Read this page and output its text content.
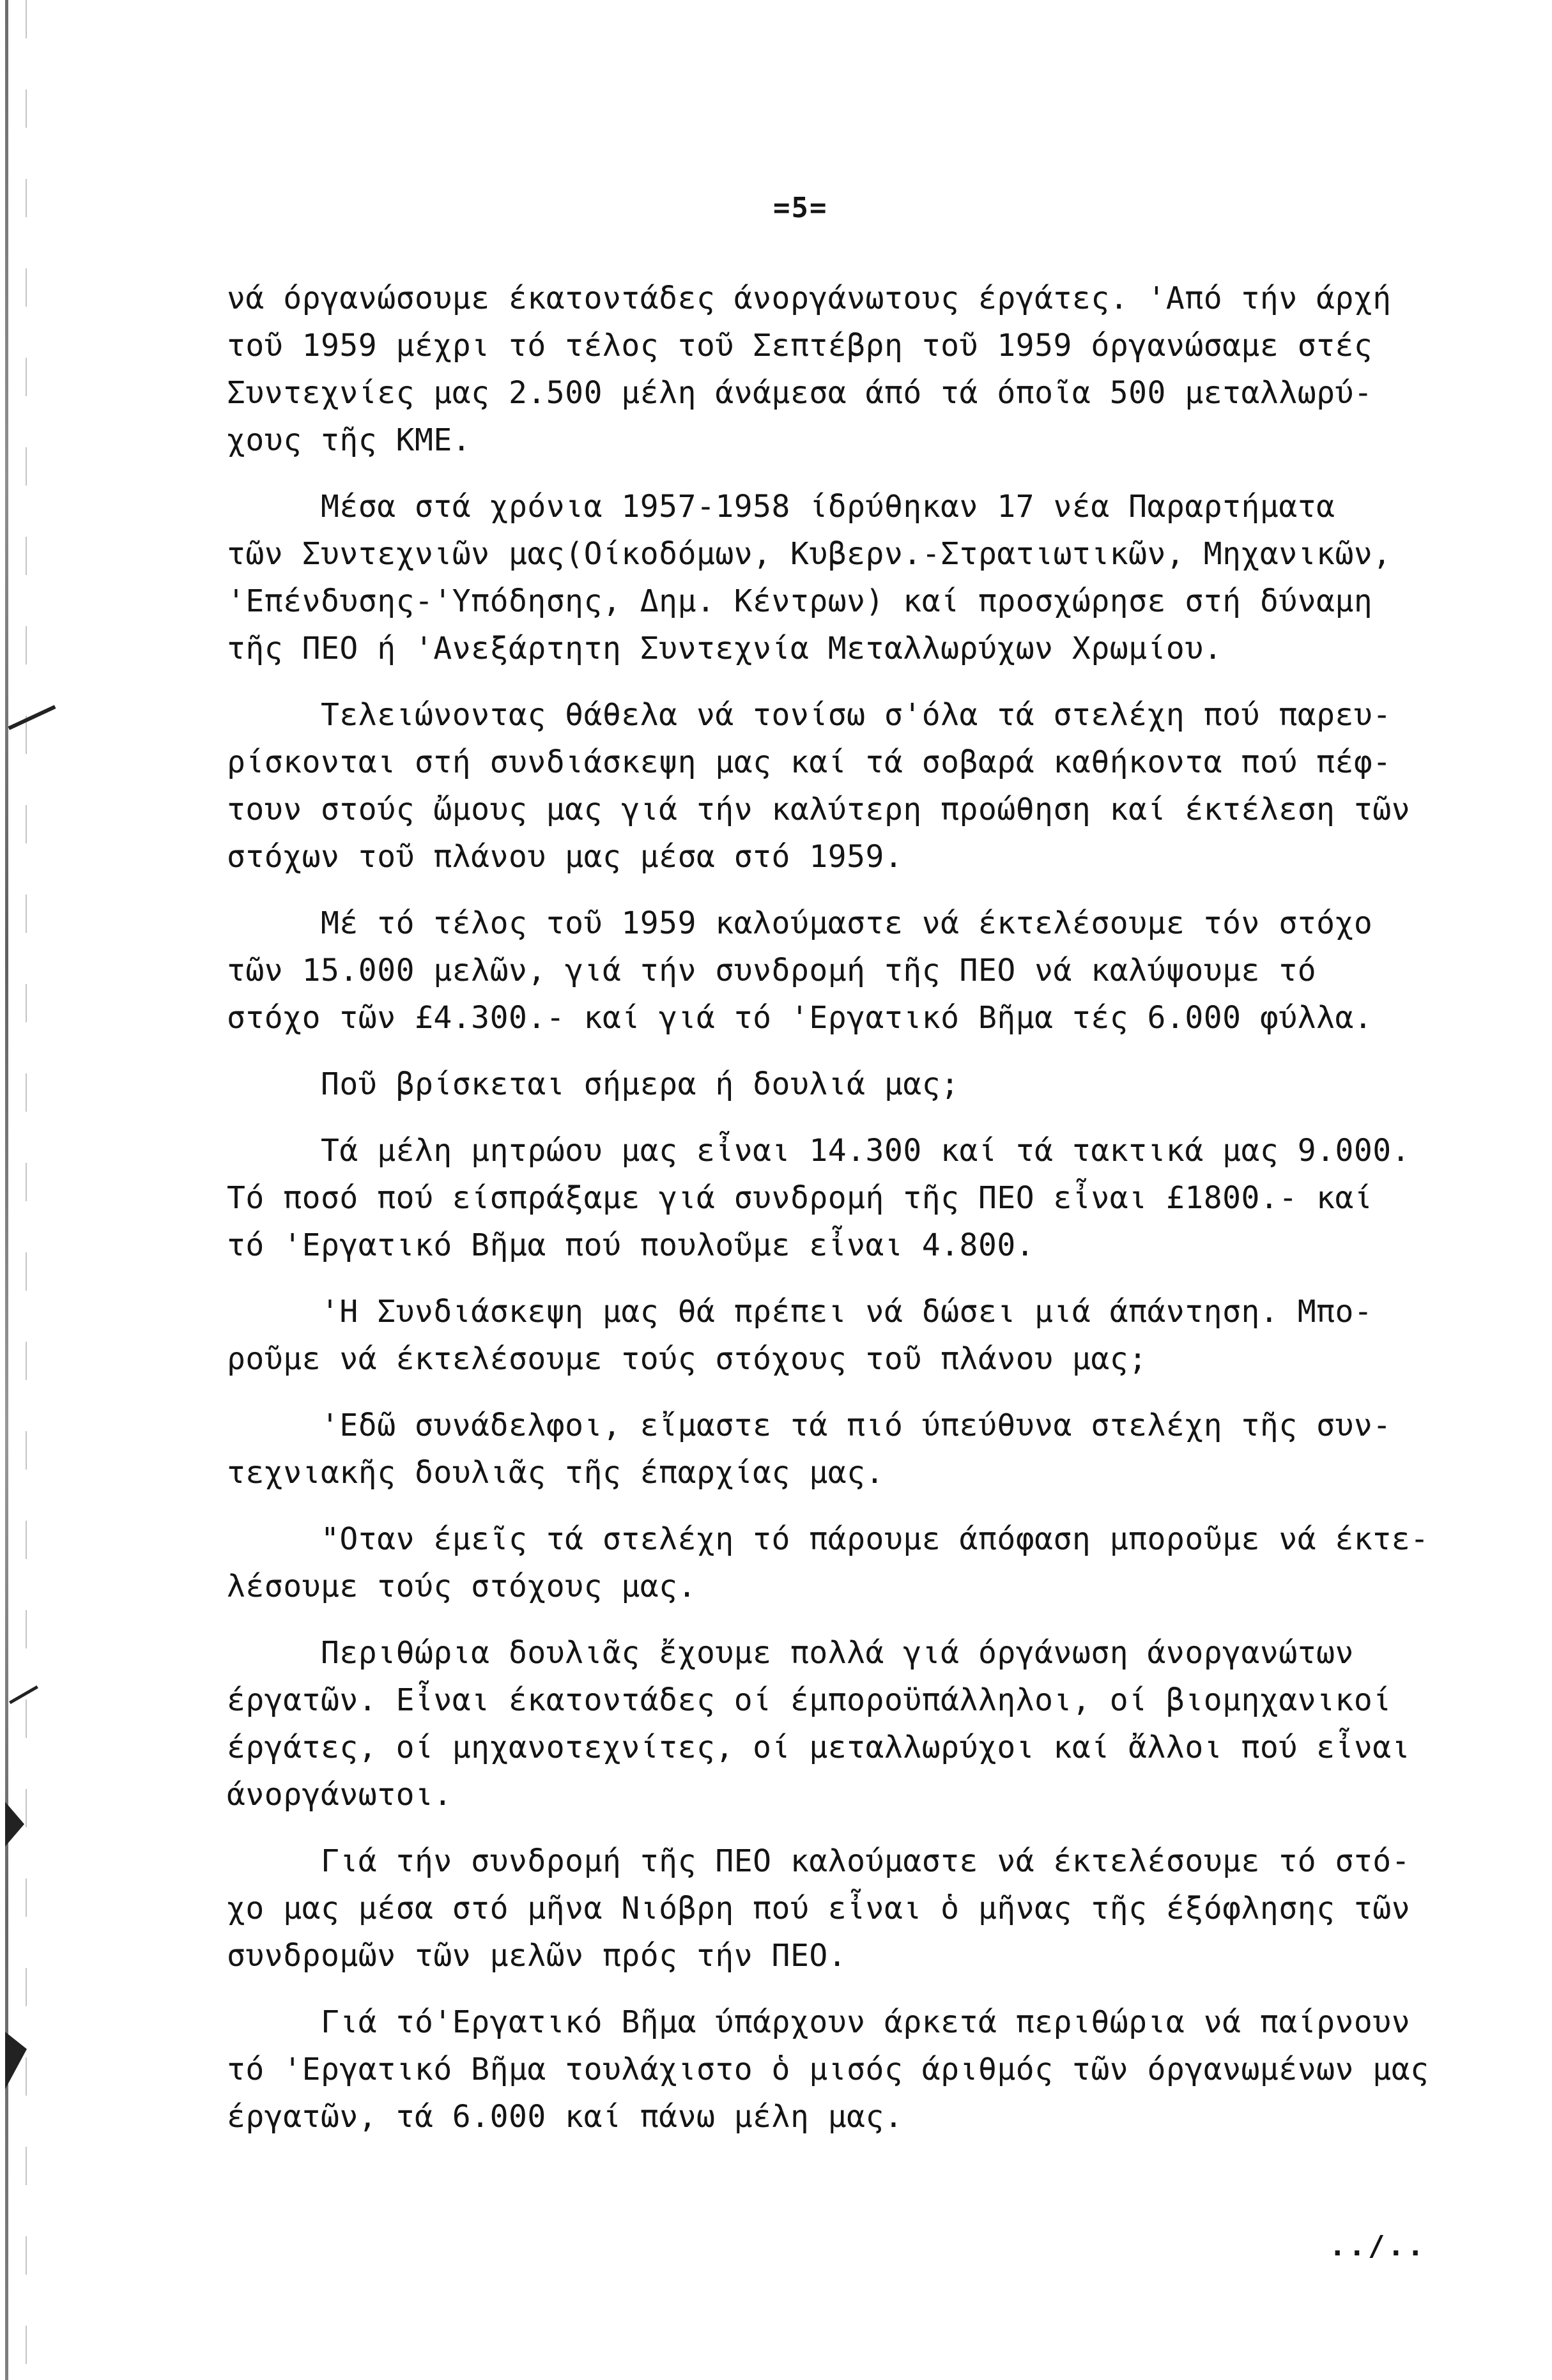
=5=

νά όργανώσουμε έκατοντάδες άνοργάνωτους έργάτες. 'Από τήν άρχή

τοῦ 1959 μέχρι τό τέλος τοῦ Σεπτέβρη τοῦ 1959 όργανώσαμε στές

Συντεχνίες μας 2.500 μέλη άνάμεσα άπό τά όποῖα 500 μεταλλωρύ-

χους τῆς ΚΜΕ.

Μέσα στά χρόνια 1957-1958 ίδρύθηκαν 17 νέα Παραρτήματα

τῶν Συντεχνιῶν μας(Οίκοδόμων, Κυβερν.-Στρατιωτικῶν, Μηχανικῶν,

'Επένδυσης-'Υπόδησης, Δημ. Κέντρων) καί προσχώρησε στή δύναμη

τῆς ΠΕΟ ή 'Ανεξάρτητη Συντεχνία Μεταλλωρύχων Χρωμίου.

Τελειώνοντας θάθελα νά τονίσω σ'όλα τά στελέχη πού παρευ-

ρίσκονται στή συνδιάσκεψη μας καί τά σοβαρά καθήκοντα πού πέφ-

τουν στούς ὤμους μας γιά τήν καλύτερη προώθηση καί έκτέλεση τῶν

στόχων τοῦ πλάνου μας μέσα στό 1959.

Μέ τό τέλος τοῦ 1959 καλούμαστε νά έκτελέσουμε τόν στόχο

τῶν 15.000 μελῶν, γιά τήν συνδρομή τῆς ΠΕΟ νά καλύψουμε τό

στόχο τῶν £4.300.- καί γιά τό 'Εργατικό Βῆμα τές 6.000 φύλλα.

Ποῦ βρίσκεται σήμερα ή δουλιά μας;

Τά μέλη μητρώου μας εἶναι 14.300 καί τά τακτικά μας 9.000.

Τό ποσό πού είσπράξαμε γιά συνδρομή τῆς ΠΕΟ εἶναι £1800.- καί

τό 'Εργατικό Βῆμα πού πουλοῦμε εἶναι 4.800.

'Η Συνδιάσκεψη μας θά πρέπει νά δώσει μιά άπάντηση. Μπο-

ροῦμε νά έκτελέσουμε τούς στόχους τοῦ πλάνου μας;

'Εδῶ συνάδελφοι, εἴμαστε τά πιό ύπεύθυνα στελέχη τῆς συν-

τεχνιακῆς δουλιᾶς τῆς έπαρχίας μας.

"Οταν έμεῖς τά στελέχη τό πάρουμε άπόφαση μποροῦμε νά έκτε-

λέσουμε τούς στόχους μας.

Περιθώρια δουλιᾶς ἔχουμε πολλά γιά όργάνωση άνοργανώτων

έργατῶν. Εἶναι έκατοντάδες οί έμποροϋπάλληλοι, οί βιομηχανικοί

έργάτες, οί μηχανοτεχνίτες, οί μεταλλωρύχοι καί ἄλλοι πού εἶναι

άνοργάνωτοι.

Γιά τήν συνδρομή τῆς ΠΕΟ καλούμαστε νά έκτελέσουμε τό στό-

χο μας μέσα στό μῆνα Νιόβρη πού εἶναι ὁ μῆνας τῆς έξόφλησης τῶν

συνδρομῶν τῶν μελῶν πρός τήν ΠΕΟ.

Γιά τό'Εργατικό Βῆμα ύπάρχουν άρκετά περιθώρια νά παίρνουν

τό 'Εργατικό Βῆμα τουλάχιστο ὁ μισός άριθμός τῶν όργανωμένων μας

έργατῶν, τά 6.000 καί πάνω μέλη μας.

../..
